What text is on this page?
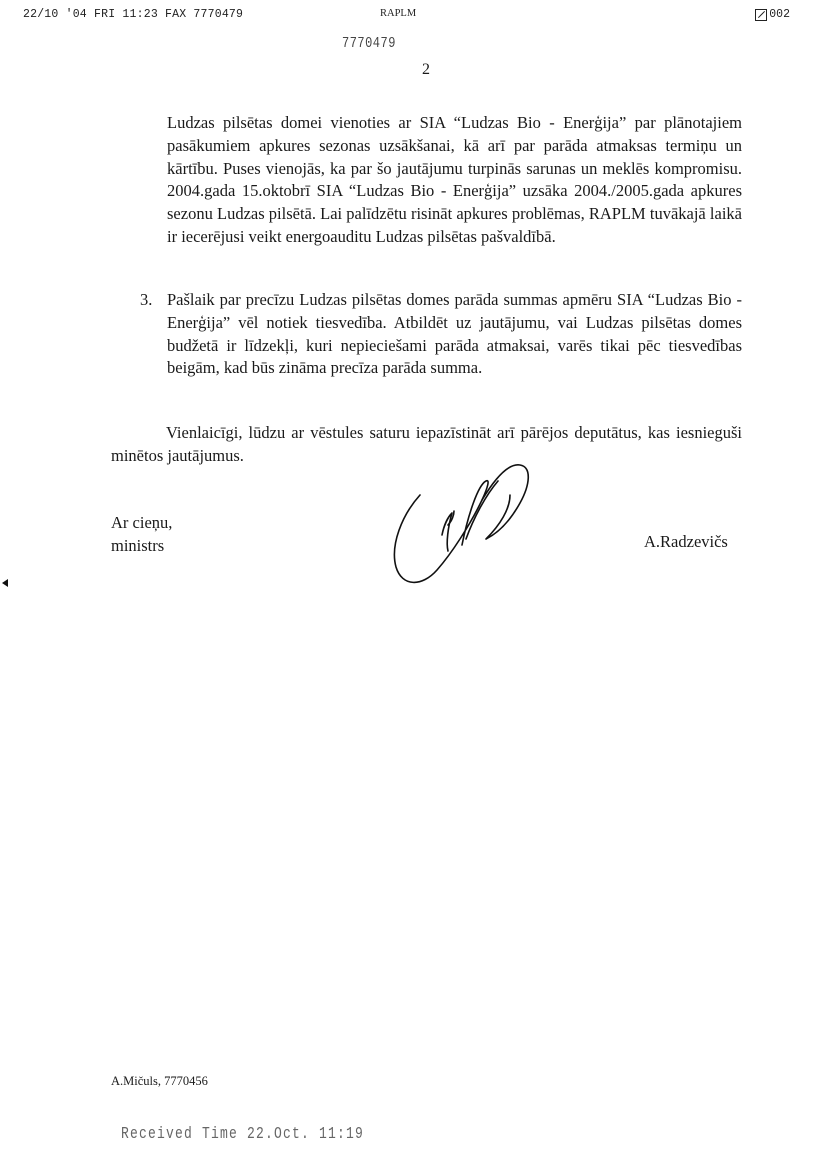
22/10 '04 FRI 11:23 FAX 7770479	RAPLM	002
7770479
2

Ludzas pilsētas domei vienoties ar SIA “Ludzas Bio - Enerģija” par plānotajiem pasākumiem apkures sezonas uzsākšanai, kā arī par parāda atmaksas termiņu un kārtību. Puses vienojās, ka par šo jautājumu turpinās sarunas un meklēs kompromisu. 2004.gada 15.oktobrī SIA “Ludzas Bio - Enerģija” uzsāka 2004./2005.gada apkures sezonu Ludzas pilsētā. Lai palīdzētu risināt apkures problēmas, RAPLM tuvākajā laikā ir iecerējusi veikt energoauditu Ludzas pilsētas pašvaldībā.

3. Pašlaik par precīzu Ludzas pilsētas domes parāda summas apmēru SIA “Ludzas Bio - Enerģija” vēl notiek tiesvedība. Atbildēt uz jautājumu, vai Ludzas pilsētas domes budžetā ir līdzekļi, kuri nepieciešami parāda atmaksai, varēs tikai pēc tiesvedības beigām, kad būs zināma precīza parāda summa.

Vienlaicīgi, lūdzu ar vēstules saturu iepazīstināt arī pārējos deputātus, kas iesnieguši minētos jautājumus.

Ar cieņu,
ministrs	A.Radzevičs
A.Mičuls, 7770456
Received Time 22.Oct. 11:19
